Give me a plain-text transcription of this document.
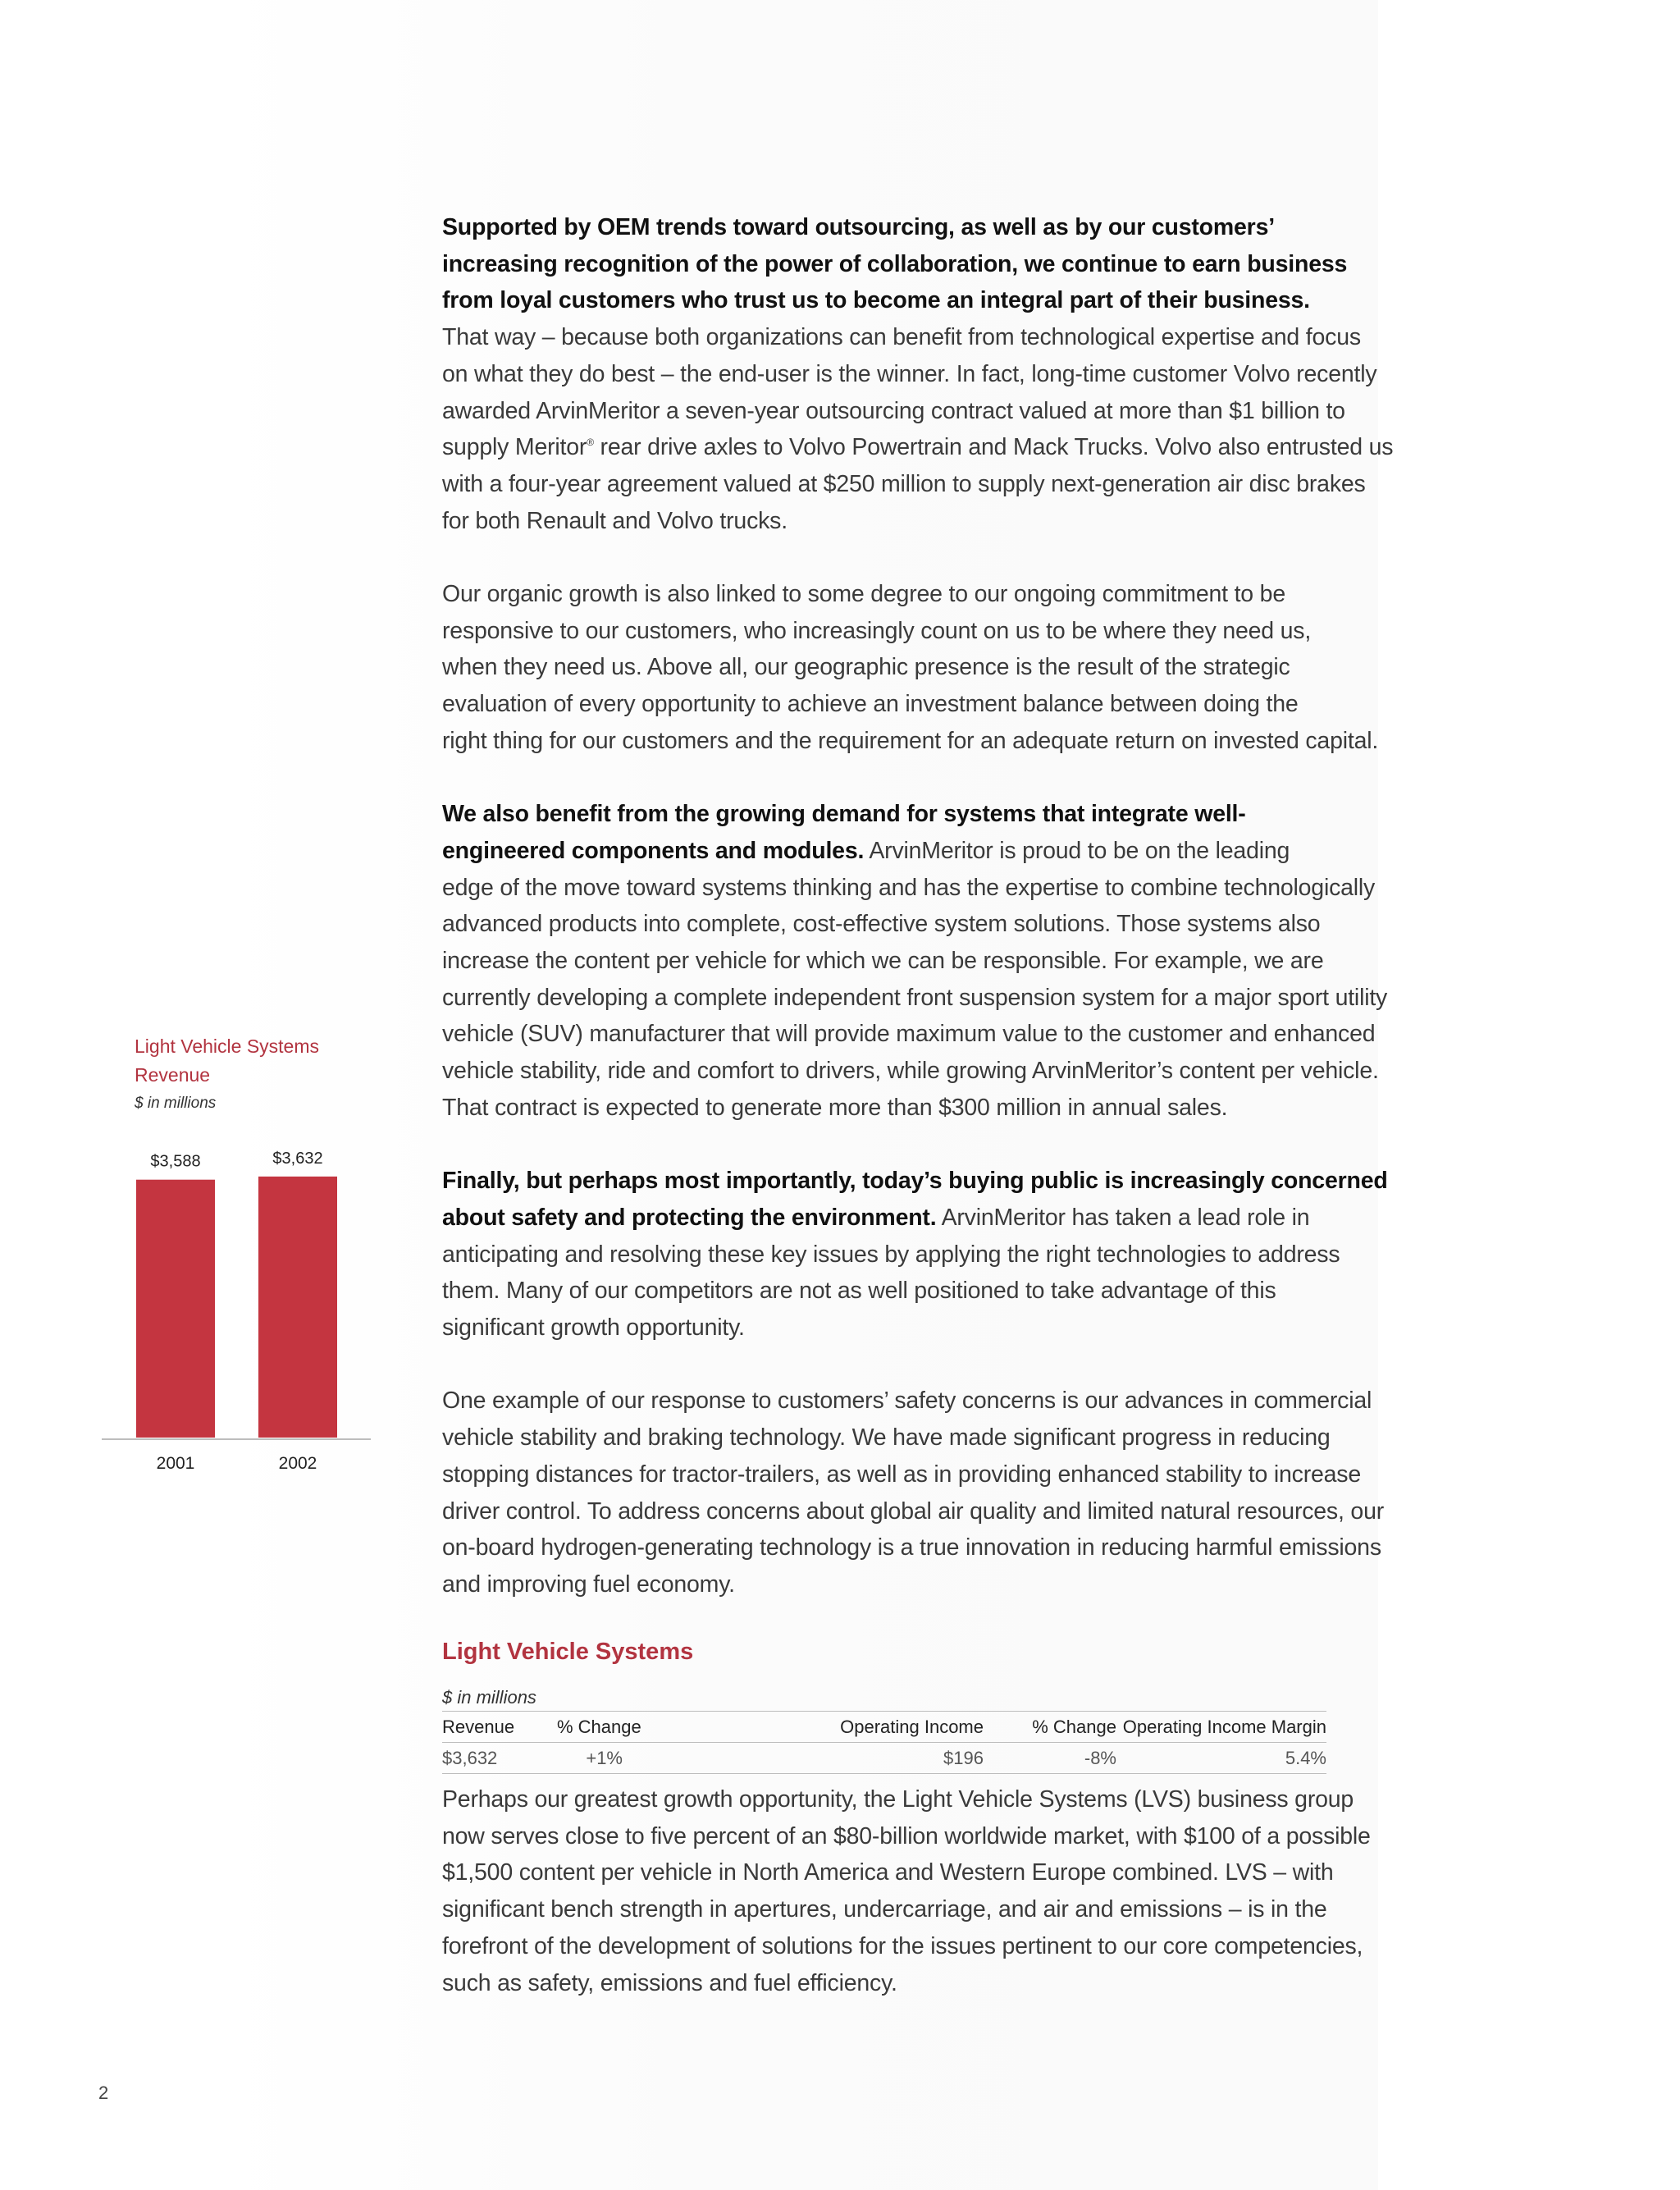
Light Vehicle Systems
Revenue
$ in millions
$3,588
2001
$3,632
2002

Supported by OEM trends toward outsourcing, as well as by our customers’
increasing recognition of the power of collaboration, we continue to earn business
from loyal customers who trust us to become an integral part of their business.
That way – because both organizations can benefit from technological expertise and focus
on what they do best – the end-user is the winner. In fact, long-time customer Volvo recently
awarded ArvinMeritor a seven-year outsourcing contract valued at more than $1 billion to
supply Meritor® rear drive axles to Volvo Powertrain and Mack Trucks. Volvo also entrusted us
with a four-year agreement valued at $250 million to supply next-generation air disc brakes
for both Renault and Volvo trucks.

Our organic growth is also linked to some degree to our ongoing commitment to be
responsive to our customers, who increasingly count on us to be where they need us,
when they need us. Above all, our geographic presence is the result of the strategic
evaluation of every opportunity to achieve an investment balance between doing the
right thing for our customers and the requirement for an adequate return on invested capital.

We also benefit from the growing demand for systems that integrate well-
engineered components and modules. ArvinMeritor is proud to be on the leading
edge of the move toward systems thinking and has the expertise to combine technologically
advanced products into complete, cost-effective system solutions. Those systems also
increase the content per vehicle for which we can be responsible. For example, we are
currently developing a complete independent front suspension system for a major sport utility
vehicle (SUV) manufacturer that will provide maximum value to the customer and enhanced
vehicle stability, ride and comfort to drivers, while growing ArvinMeritor’s content per vehicle.
That contract is expected to generate more than $300 million in annual sales.

Finally, but perhaps most importantly, today’s buying public is increasingly concerned
about safety and protecting the environment. ArvinMeritor has taken a lead role in
anticipating and resolving these key issues by applying the right technologies to address
them. Many of our competitors are not as well positioned to take advantage of this
significant growth opportunity.

One example of our response to customers’ safety concerns is our advances in commercial
vehicle stability and braking technology. We have made significant progress in reducing
stopping distances for tractor-trailers, as well as in providing enhanced stability to increase
driver control. To address concerns about global air quality and limited natural resources, our
on-board hydrogen-generating technology is a true innovation in reducing harmful emissions
and improving fuel economy.

Light Vehicle Systems
$ in millions
Revenue	% Change	Operating Income	% Change	Operating Income Margin
$3,632	+1%	$196	-8%	5.4%
Perhaps our greatest growth opportunity, the Light Vehicle Systems (LVS) business group
now serves close to five percent of an $80-billion worldwide market, with $100 of a possible
$1,500 content per vehicle in North America and Western Europe combined. LVS – with
significant bench strength in apertures, undercarriage, and air and emissions – is in the
forefront of the development of solutions for the issues pertinent to our core competencies,
such as safety, emissions and fuel efficiency.
2
